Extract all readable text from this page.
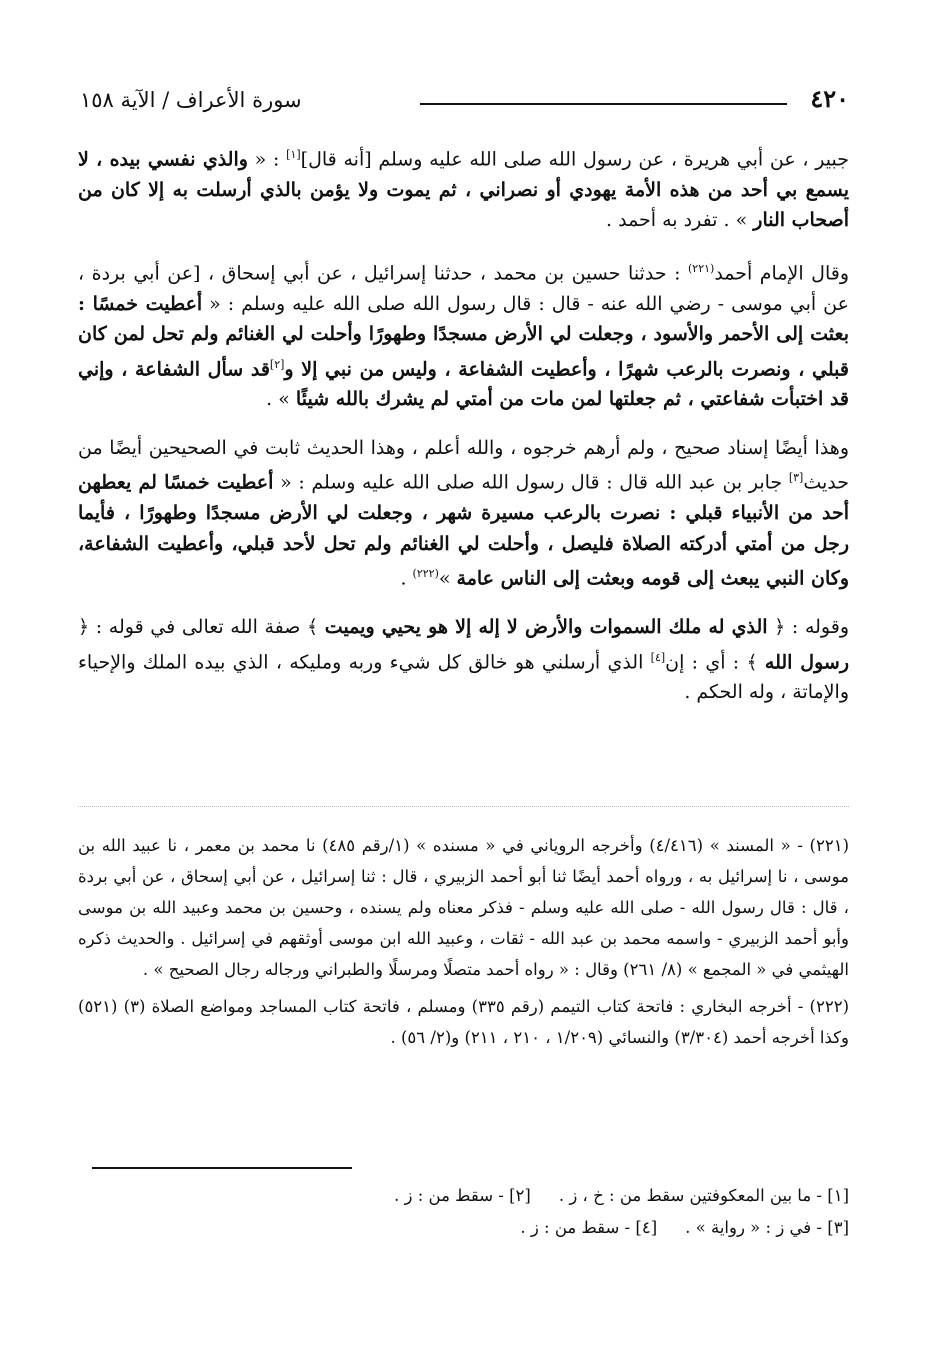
٤٢٠
سورة الأعراف / الآية ١٥٨

جبير ، عن أبي هريرة ، عن رسول الله صلى الله عليه وسلم [أنه قال][١] : « والذي نفسي بيده ، لا يسمع بي أحد من هذه الأمة يهودي أو نصراني ، ثم يموت ولا يؤمن بالذي أرسلت به إلا كان من أصحاب النار » . تفرد به أحمد .

وقال الإمام أحمد$^{(٢٢١)}$ : حدثنا حسين بن محمد ، حدثنا إسرائيل ، عن أبي إسحاق ، [عن أبي بردة ، عن أبي موسى - رضي الله عنه - قال : قال رسول الله صلى الله عليه وسلم : « أعطيت خمسًا : بعثت إلى الأحمر والأسود ، وجعلت لي الأرض مسجدًا وطهورًا وأحلت لي الغنائم ولم تحل لمن كان قبلي ، ونصرت بالرعب شهرًا ، وأعطيت الشفاعة ، وليس من نبي إلا و[٢]قد سأل الشفاعة ، وإني قد اختبأت شفاعتي ، ثم جعلتها لمن مات من أمتي لم يشرك بالله شيئًا » .

وهذا أيضًا إسناد صحيح ، ولم أرهم خرجوه ، والله أعلم ، وهذا الحديث ثابت في الصحيحين أيضًا من حديث[٣] جابر بن عبد الله قال : قال رسول الله صلى الله عليه وسلم : « أعطيت خمسًا لم يعطهن أحد من الأنبياء قبلي : نصرت بالرعب مسيرة شهر ، وجعلت لي الأرض مسجدًا وطهورًا ، فأيما رجل من أمتي أدركته الصلاة فليصل ، وأحلت لي الغنائم ولم تحل لأحد قبلي، وأعطيت الشفاعة، وكان النبي يبعث إلى قومه وبعثت إلى الناس عامة »$^{(٢٢٢)}$ .

وقوله : ﴿ الذي له ملك السموات والأرض لا إله إلا هو يحيي ويميت ﴾ صفة الله تعالى في قوله : ﴿ رسول الله ﴾ : أي : إن[٤] الذي أرسلني هو خالق كل شيء وربه ومليكه ، الذي بيده الملك والإحياء والإماتة ، وله الحكم .

(٢٢١) - « المسند » (٤/٤١٦) وأخرجه الروياني في « مسنده » (١/رقم ٤٨٥) نا محمد بن معمر ، نا عبيد الله بن موسى ، نا إسرائيل به ، ورواه أحمد أيضًا ثنا أبو أحمد الزبيري ، قال : ثنا إسرائيل ، عن أبي إسحاق ، عن أبي بردة ، قال : قال رسول الله - صلى الله عليه وسلم - فذكر معناه ولم يسنده ، وحسين بن محمد وعبيد الله بن موسى وأبو أحمد الزبيري - واسمه محمد بن عبد الله - ثقات ، وعبيد الله ابن موسى أوثقهم في إسرائيل . والحديث ذكره الهيثمي في « المجمع » (٨/ ٢٦١) وقال : « رواه أحمد متصلًا ومرسلًا والطبراني ورجاله رجال الصحيح » .

(٢٢٢) - أخرجه البخاري : فاتحة كتاب التيمم (رقم ٣٣٥) ومسلم ، فاتحة كتاب المساجد ومواضع الصلاة (٣) (٥٢١) وكذا أخرجه أحمد (٣/٣٠٤) والنسائي (١/٢٠٩ ، ٢١٠ ، ٢١١) و(٢/ ٥٦) .

[١] - ما بين المعكوفتين سقط من : خ ، ز .
[٢] - سقط من : ز .
[٣] - في ز : « رواية » .
[٤] - سقط من : ز .
